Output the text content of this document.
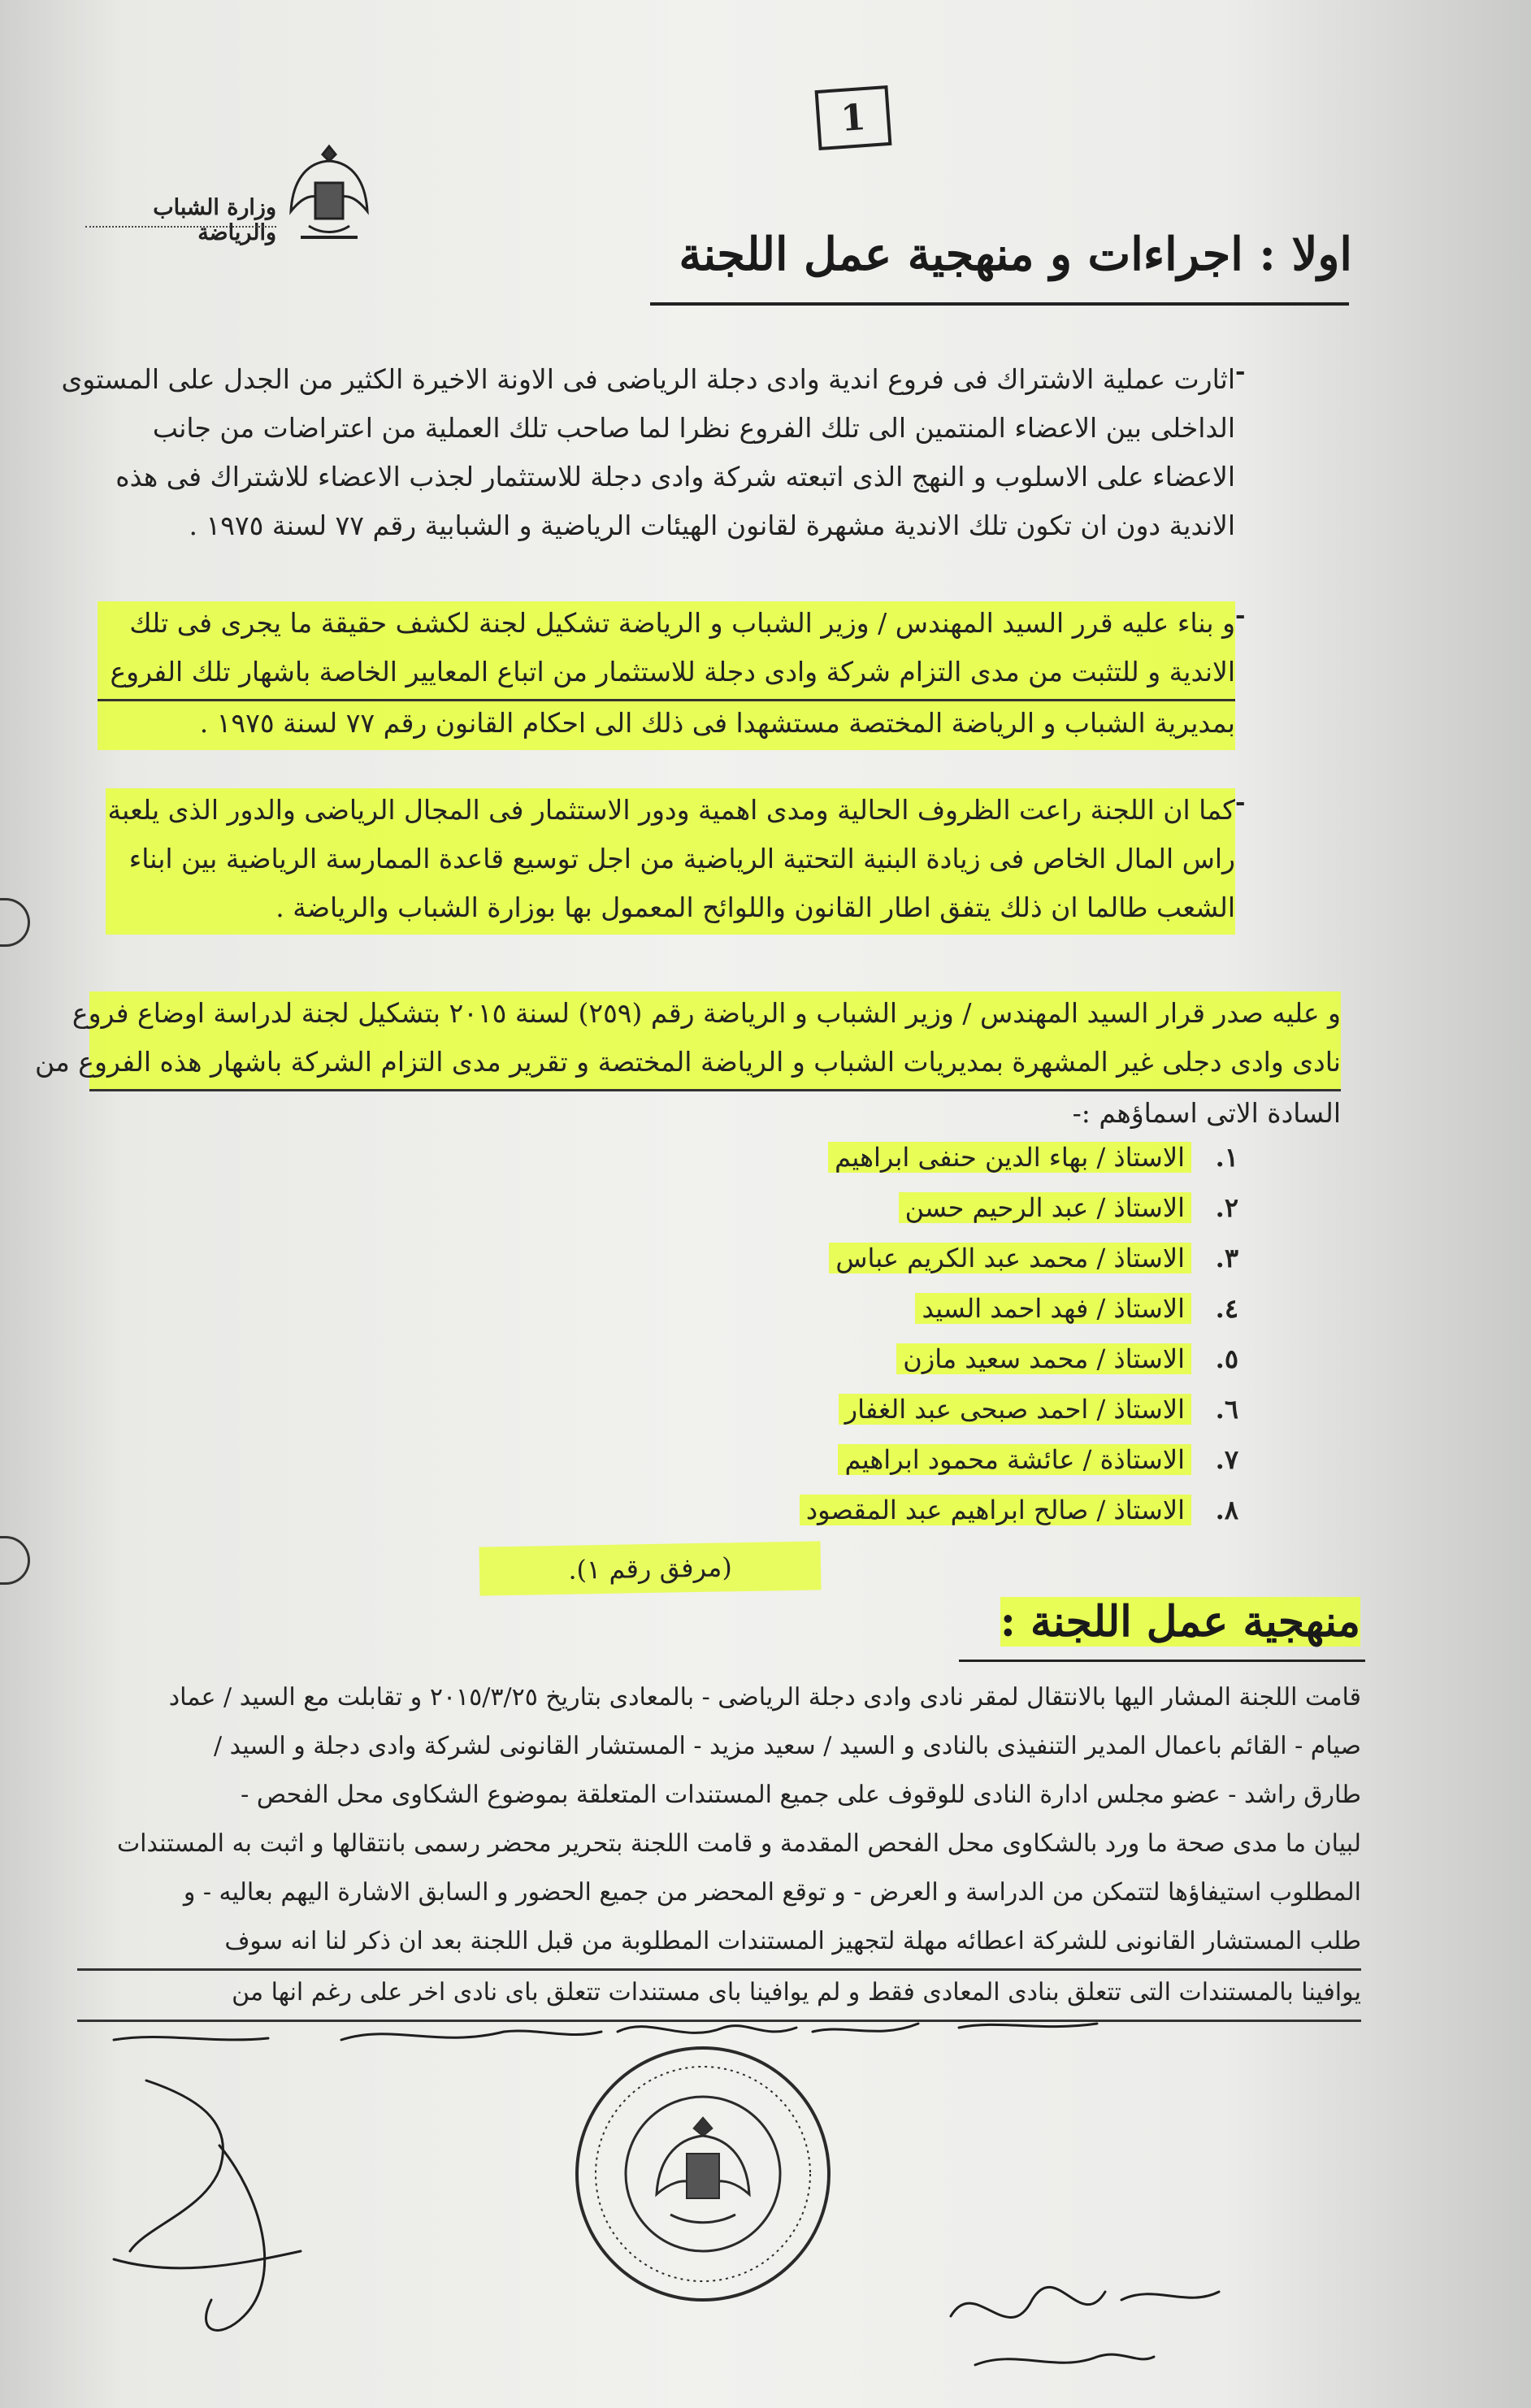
1
وزارة الشباب والرياضة	اولا : اجراءات و منهجية عمل اللجنة
-
اثارت عملية الاشتراك فى فروع اندية وادى دجلة الرياضى فى الاونة الاخيرة الكثير من الجدل على المستوى
الداخلى بين الاعضاء المنتمين الى تلك الفروع نظرا لما صاحب تلك العملية من اعتراضات من جانب
الاعضاء على الاسلوب و النهج الذى اتبعته شركة وادى دجلة للاستثمار لجذب الاعضاء للاشتراك فى هذه
الاندية دون ان تكون تلك الاندية مشهرة لقانون الهيئات الرياضية و الشبابية رقم ٧٧ لسنة ١٩٧٥ .
-
و بناء عليه قرر السيد المهندس / وزير الشباب و الرياضة تشكيل لجنة لكشف حقيقة ما يجرى فى تلك
الاندية و للتثبت من مدى التزام شركة وادى دجلة للاستثمار من اتباع المعايير الخاصة باشهار تلك الفروع
بمديرية الشباب و الرياضة المختصة مستشهدا فى ذلك الى احكام القانون رقم ٧٧ لسنة ١٩٧٥ .
-
كما ان اللجنة راعت الظروف الحالية ومدى اهمية ودور الاستثمار فى المجال الرياضى والدور الذى يلعبة
راس المال الخاص فى زيادة البنية التحتية الرياضية من اجل توسيع قاعدة الممارسة الرياضية بين ابناء
الشعب طالما ان ذلك يتفق اطار القانون واللوائح المعمول بها بوزارة الشباب والرياضة .
و عليه صدر قرار السيد المهندس / وزير الشباب و الرياضة رقم (٢٥٩) لسنة ٢٠١٥ بتشكيل لجنة لدراسة اوضاع فروع
نادى وادى دجلى غير المشهرة بمديريات الشباب و الرياضة المختصة و تقرير مدى التزام الشركة باشهار هذه الفروع من
السادة الاتى اسماؤهم :-
١.الاستاذ / بهاء الدين حنفى ابراهيم
٢.الاستاذ / عبد الرحيم حسن
٣.الاستاذ / محمد عبد الكريم عباس
٤.الاستاذ / فهد احمد السيد
٥.الاستاذ / محمد سعيد مازن
٦.الاستاذ / احمد صبحى عبد الغفار
٧.الاستاذة / عائشة محمود ابراهيم
٨.الاستاذ / صالح ابراهيم عبد المقصود
(مرفق رقم ١).
منهجية عمل اللجنة :
قامت اللجنة المشار اليها بالانتقال لمقر نادى وادى دجلة الرياضى - بالمعادى بتاريخ ٢٠١٥/٣/٢٥ و تقابلت مع السيد / عماد
صيام - القائم باعمال المدير التنفيذى بالنادى و السيد / سعيد مزيد - المستشار القانونى لشركة وادى دجلة و السيد /
طارق راشد - عضو مجلس ادارة النادى للوقوف على جميع المستندات المتعلقة بموضوع الشكاوى محل الفحص -
لبيان ما مدى صحة ما ورد بالشكاوى محل الفحص المقدمة و قامت اللجنة بتحرير محضر رسمى بانتقالها و اثبت به المستندات
المطلوب استيفاؤها لتتمكن من الدراسة و العرض - و توقع المحضر من جميع الحضور و السابق الاشارة اليهم بعاليه - و
طلب المستشار القانونى للشركة اعطائه مهلة لتجهيز المستندات المطلوبة من قبل اللجنة بعد ان ذكر لنا انه سوف
يوافينا بالمستندات التى تتعلق بنادى المعادى فقط و لم يوافينا باى مستندات تتعلق باى نادى اخر على رغم انها من
